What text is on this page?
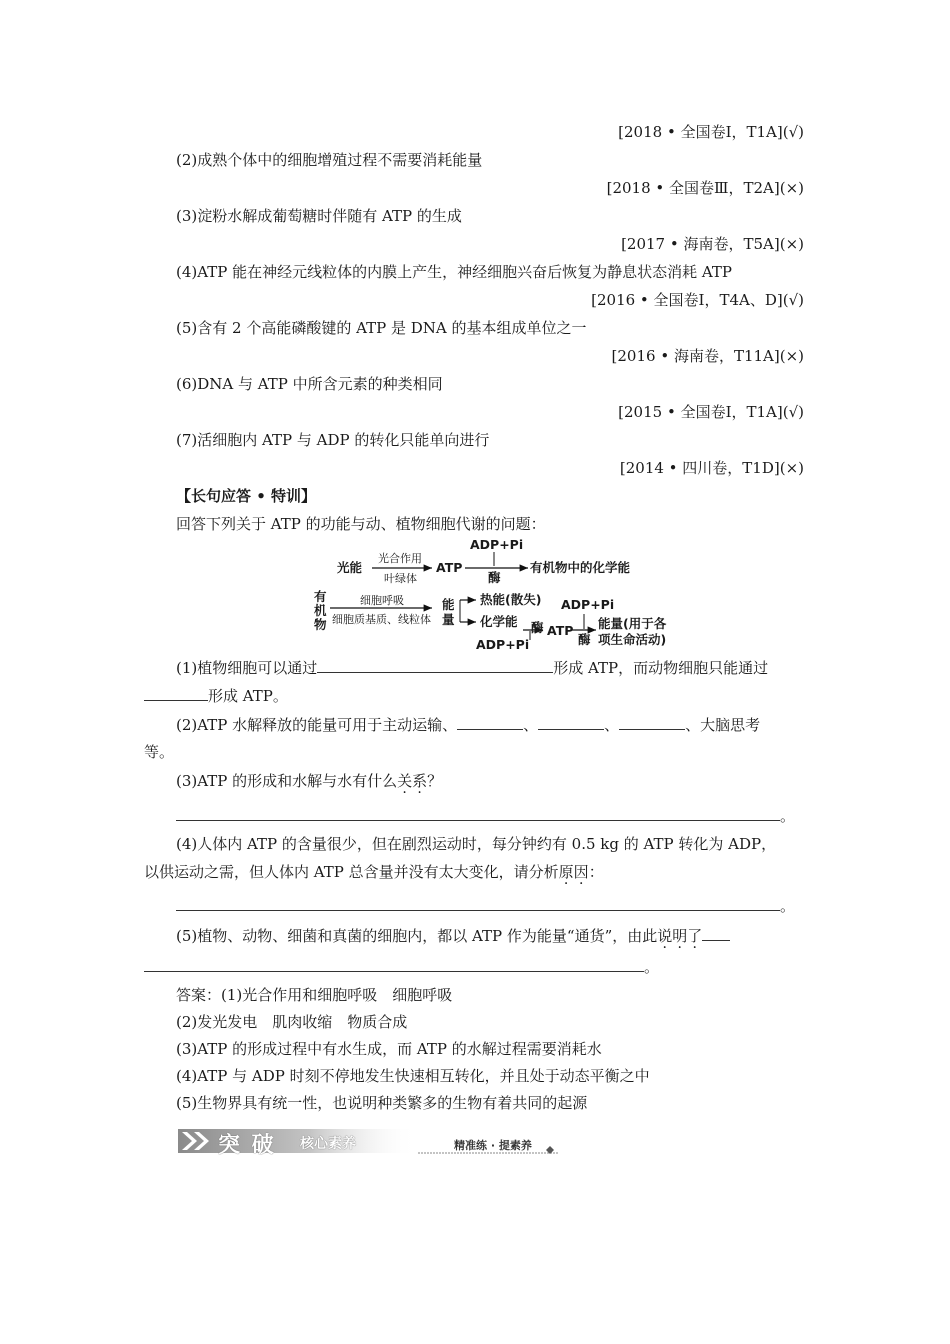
[2018 • 全国卷Ⅰ，T1A](√)
(2)成熟个体中的细胞增殖过程不需要消耗能量
[2018 • 全国卷Ⅲ，T2A](×)
(3)淀粉水解成葡萄糖时伴随有 ATP 的生成
[2017 • 海南卷，T5A](×)
(4)ATP 能在神经元线粒体的内膜上产生，神经细胞兴奋后恢复为静息状态消耗 ATP
[2016 • 全国卷Ⅰ，T4A、D](√)
(5)含有 2 个高能磷酸键的 ATP 是 DNA 的基本组成单位之一
[2016 • 海南卷，T11A](×)
(6)DNA 与 ATP 中所含元素的种类相同
[2015 • 全国卷Ⅰ，T1A](√)
(7)活细胞内 ATP 与 ADP 的转化只能单向进行
[2014 • 四川卷，T1D](×)
【长句应答 • 特训】
回答下列关于 ATP 的功能与动、植物细胞代谢的问题：
光能
光合作用
叶绿体
ATP
ADP+Pi
酶
有机物中的化学能
有
机
物
细胞呼吸
细胞质基质、线粒体
能
量
热能(散失)
化学能
ADP+Pi
酶 ATP
ADP+Pi
酶
能量(用于各
项生命活动)
(1)植物细胞可以通过	形成 ATP，而动物细胞只能通过
形成 ATP。
(2)ATP 水解释放的能量可用于主动运输、	、	、	、大脑思考
等。
(3)ATP 的形成和水解与水有什么关系？
。
(4)人体内 ATP 的含量很少，但在剧烈运动时，每分钟约有 0.5 kg 的 ATP 转化为 ADP，
以供运动之需，但人体内 ATP 总含量并没有太大变化，请分析原因：
。
(5)植物、动物、细菌和真菌的细胞内，都以 ATP 作为能量“通货”，由此说明了
。
答案：(1)光合作用和细胞呼吸　细胞呼吸
(2)发光发电　肌肉收缩　物质合成
(3)ATP 的形成过程中有水生成，而 ATP 的水解过程需要消耗水
(4)ATP 与 ADP 时刻不停地发生快速相互转化，并且处于动态平衡之中
(5)生物界具有统一性，也说明种类繁多的生物有着共同的起源
突 破 核心素养	精准练 · 提素养
